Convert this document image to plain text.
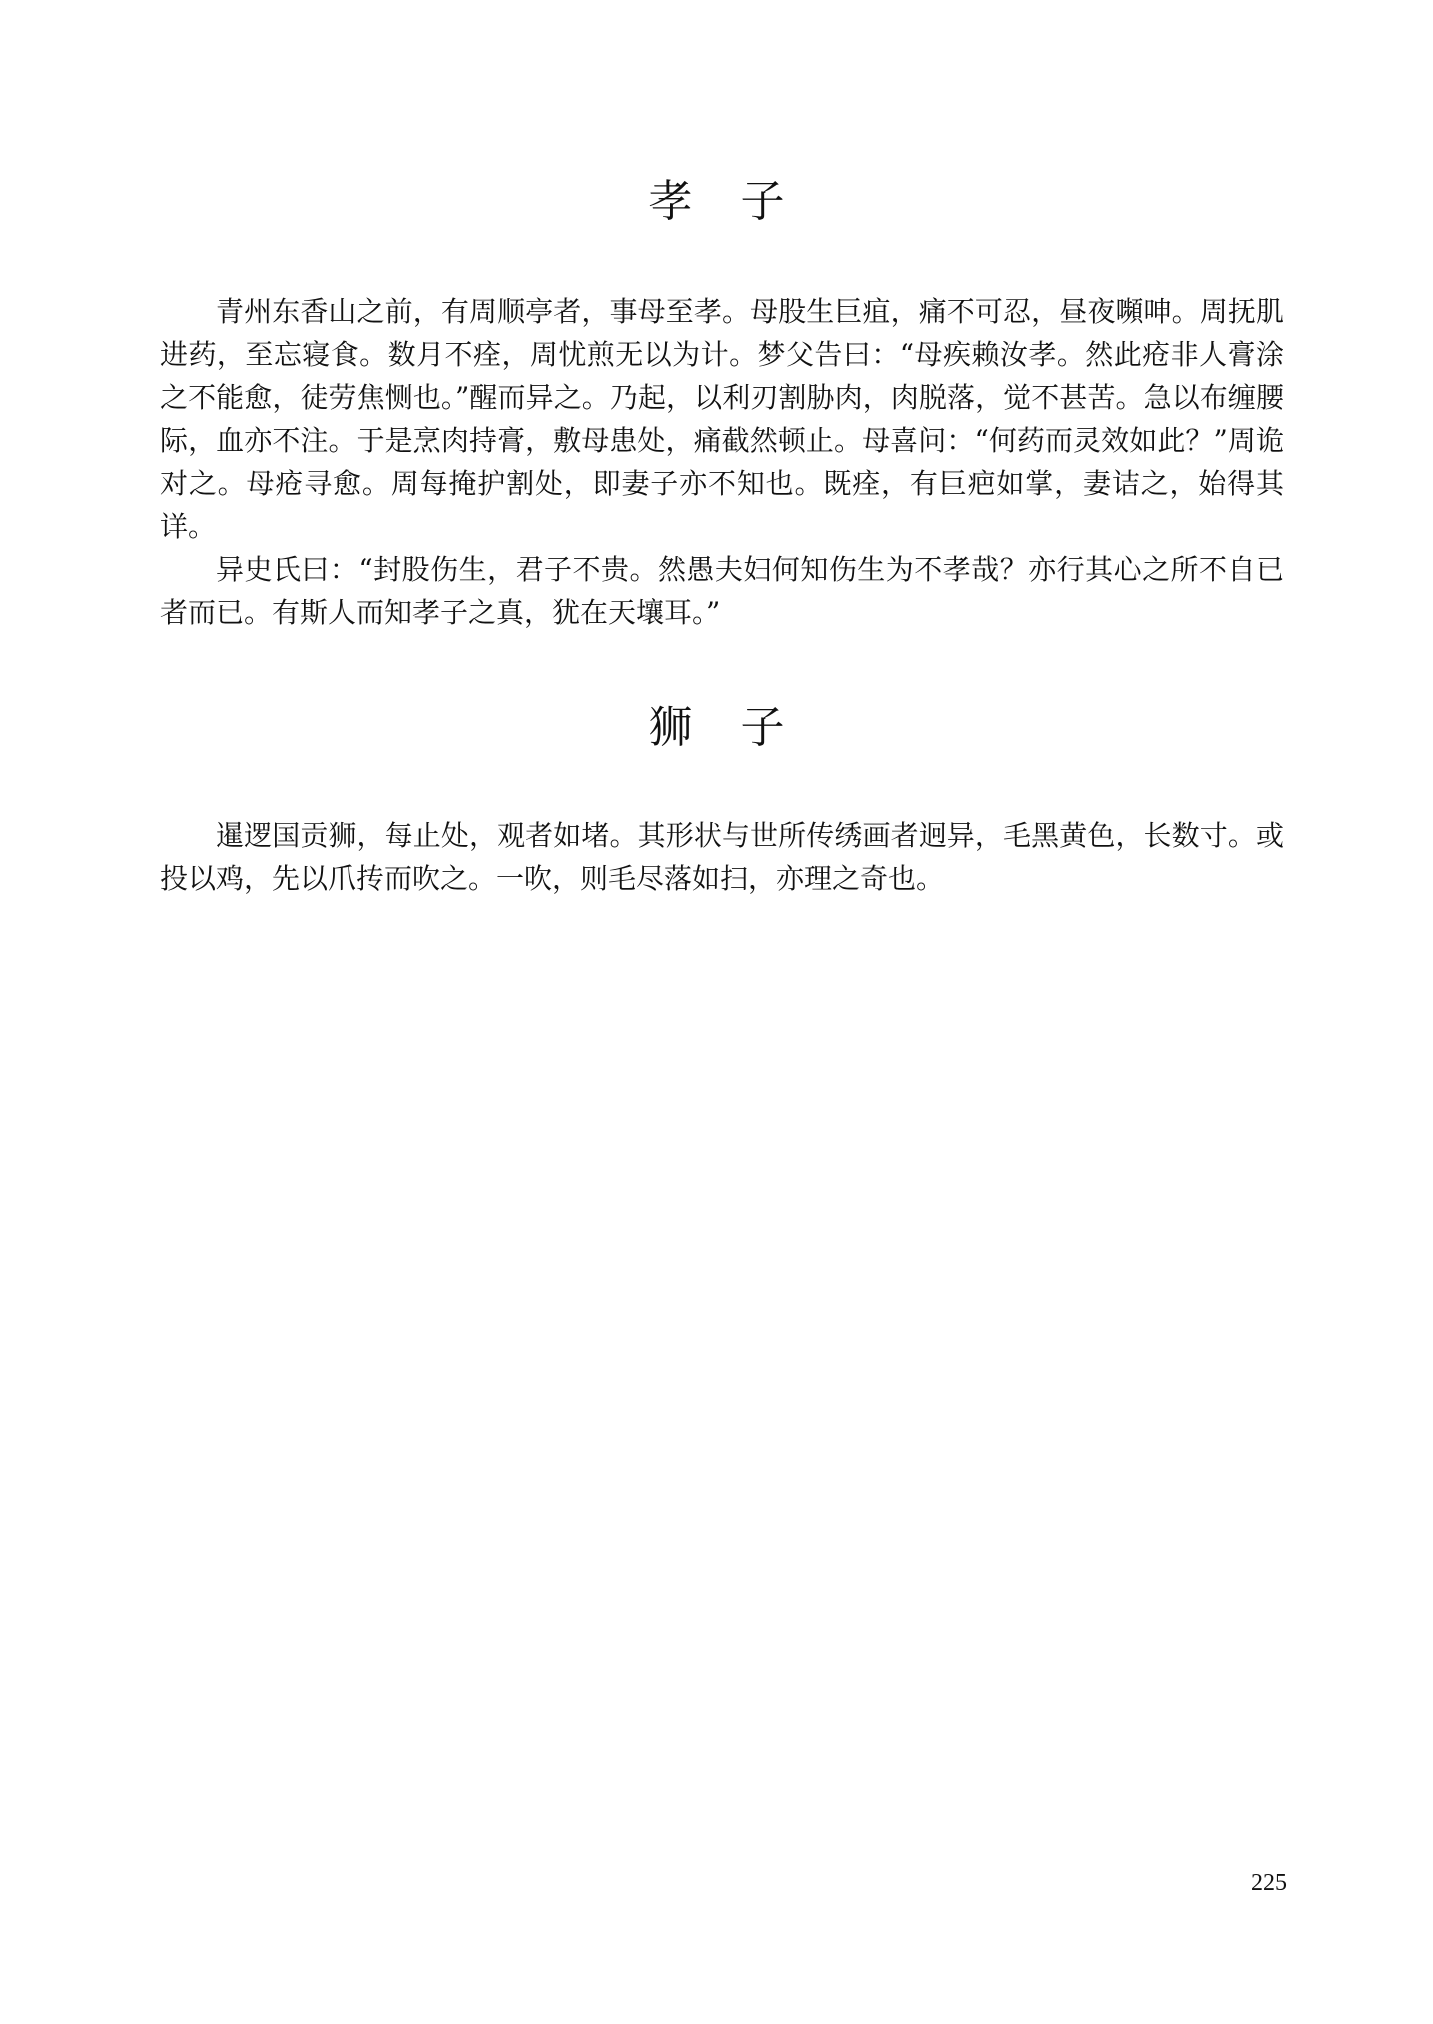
孝子

青州东香山之前，有周顺亭者，事母至孝。母股生巨疽，痛不可忍，昼夜嚬呻。周抚肌进药，至忘寝食。数月不痊，周忧煎无以为计。梦父告曰：“母疾赖汝孝。然此疮非人膏涂之不能愈，徒劳焦恻也。”醒而异之。乃起，以利刃割胁肉，肉脱落，觉不甚苦。急以布缠腰际，血亦不注。于是烹肉持膏，敷母患处，痛截然顿止。母喜问：“何药而灵效如此？”周诡对之。母疮寻愈。周每掩护割处，即妻子亦不知也。既痊，有巨疤如掌，妻诘之，始得其详。

异史氏曰：“封股伤生，君子不贵。然愚夫妇何知伤生为不孝哉？亦行其心之所不自已者而已。有斯人而知孝子之真，犹在天壤耳。”

狮子

暹逻国贡狮，每止处，观者如堵。其形状与世所传绣画者迥异，毛黑黄色，长数寸。或投以鸡，先以爪抟而吹之。一吹，则毛尽落如扫，亦理之奇也。

225
